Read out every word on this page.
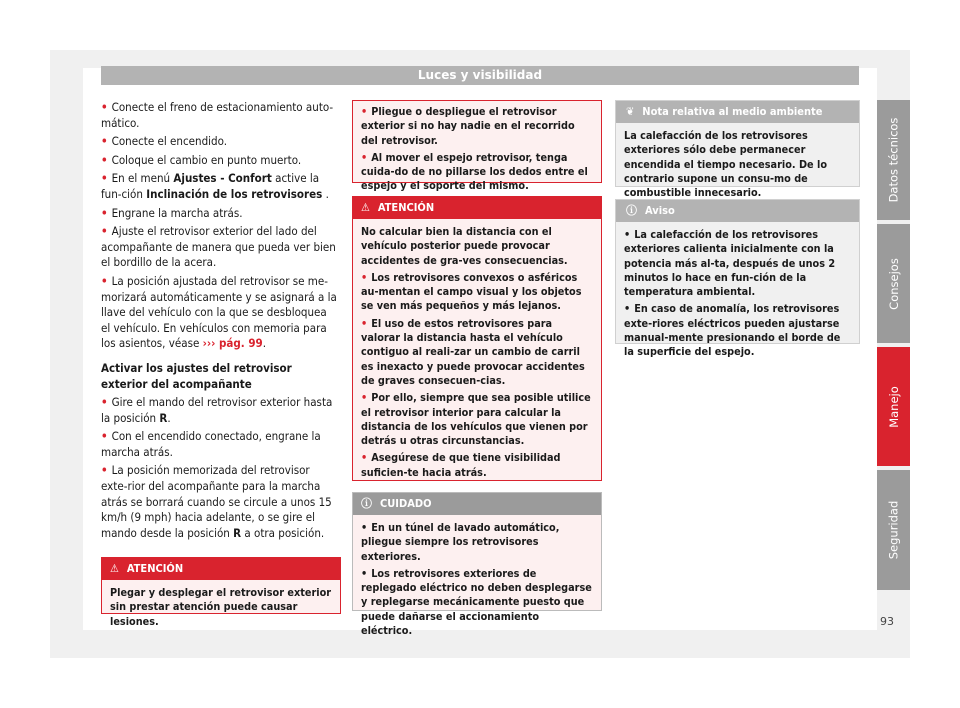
Luces y visibilidad
Datos técnicos
Consejos
Manejo
Seguridad

• Conecte el freno de estacionamiento auto-mático.

• Conecte el encendido.

• Coloque el cambio en punto muerto.

• En el menú Ajustes - Confort active la fun-ción Inclinación de los retrovisores .

• Engrane la marcha atrás.

• Ajuste el retrovisor exterior del lado del acompañante de manera que pueda ver bien el bordillo de la acera.

• La posición ajustada del retrovisor se me-morizará automáticamente y se asignará a la llave del vehículo con la que se desbloquea el vehículo. En vehículos con memoria para los asientos, véase ››› pág. 99.

Activar los ajustes del retrovisor exterior del acompañante

• Gire el mando del retrovisor exterior hasta la posición R.

• Con el encendido conectado, engrane la marcha atrás.

• La posición memorizada del retrovisor exte-rior del acompañante para la marcha atrás se borrará cuando se circule a unos 15 km/h (9 mph) hacia adelante, o se gire el mando desde la posición R a otra posición.

⚠ ATENCIÓN

Plegar y desplegar el retrovisor exterior sin prestar atención puede causar lesiones.

• Pliegue o despliegue el retrovisor exterior si no hay nadie en el recorrido del retrovisor.

• Al mover el espejo retrovisor, tenga cuida-do de no pillarse los dedos entre el espejo y el soporte del mismo.

⚠ ATENCIÓN

No calcular bien la distancia con el vehículo posterior puede provocar accidentes de gra-ves consecuencias.

• Los retrovisores convexos o asféricos au-mentan el campo visual y los objetos se ven más pequeños y más lejanos.

• El uso de estos retrovisores para valorar la distancia hasta el vehículo contiguo al reali-zar un cambio de carril es inexacto y puede provocar accidentes de graves consecuen-cias.

• Por ello, siempre que sea posible utilice el retrovisor interior para calcular la distancia de los vehículos que vienen por detrás u otras circunstancias.

• Asegúrese de que tiene visibilidad suficien-te hacia atrás.

ⓘ CUIDADO

• En un túnel de lavado automático, pliegue siempre los retrovisores exteriores.

• Los retrovisores exteriores de replegado eléctrico no deben desplegarse y replegarse mecánicamente puesto que puede dañarse el accionamiento eléctrico.

❦ Nota relativa al medio ambiente

La calefacción de los retrovisores exteriores sólo debe permanecer encendida el tiempo necesario. De lo contrario supone un consu-mo de combustible innecesario.

ⓘ Aviso

• La calefacción de los retrovisores exteriores calienta inicialmente con la potencia más al-ta, después de unos 2 minutos lo hace en fun-ción de la temperatura ambiental.

• En caso de anomalía, los retrovisores exte-riores eléctricos pueden ajustarse manual-mente presionando el borde de la superficie del espejo.

93
